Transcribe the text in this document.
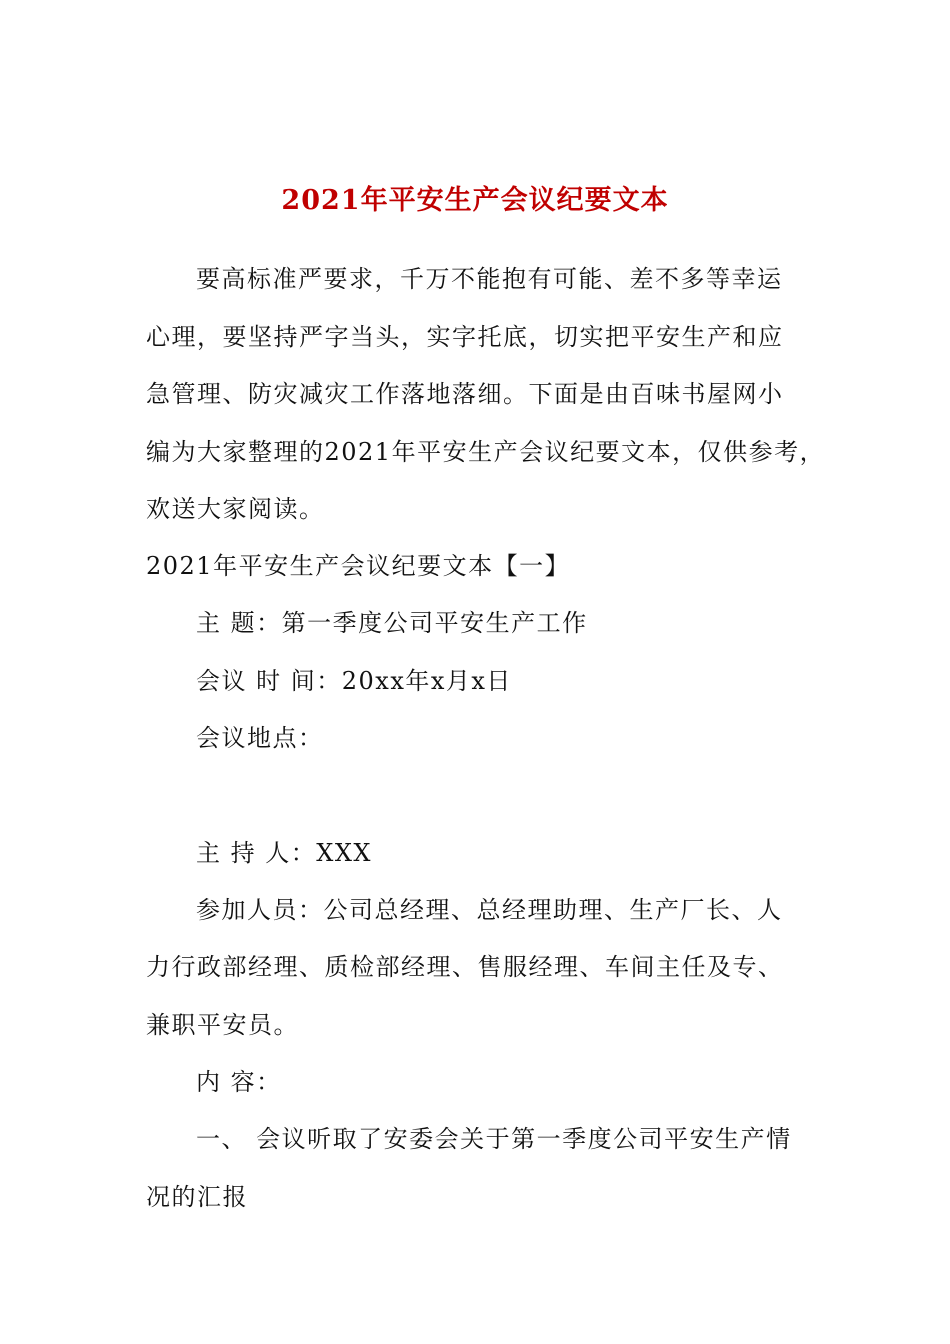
2021年平安生产会议纪要文本
要高标准严要求，千万不能抱有可能、差不多等幸运
心理，要坚持严字当头，实字托底，切实把平安生产和应
急管理、防灾减灾工作落地落细。下面是由百味书屋网小
编为大家整理的2021年平安生产会议纪要文本，仅供参考，
欢送大家阅读。
2021年平安生产会议纪要文本【一】
主 题：第一季度公司平安生产工作
会议 时 间：20xx年x月x日
会议地点：
主 持 人：XXX
参加人员：公司总经理、总经理助理、生产厂长、人
力行政部经理、质检部经理、售服经理、车间主任及专、
兼职平安员。
内 容：
一、 会议听取了安委会关于第一季度公司平安生产情
况的汇报
